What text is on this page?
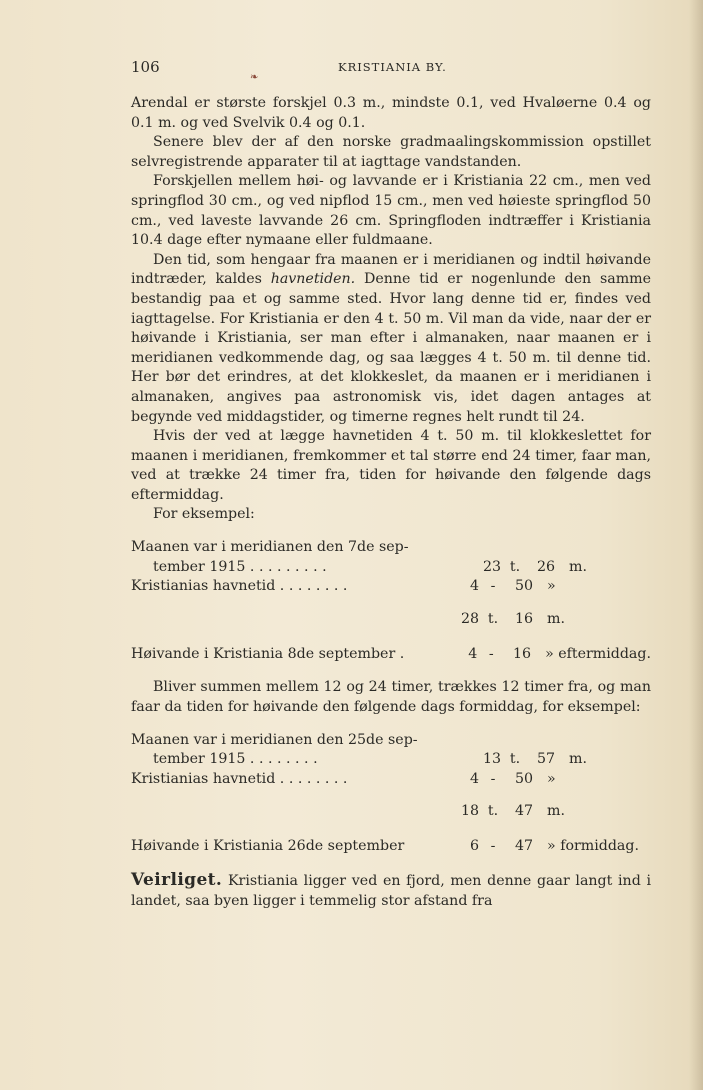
106	KRISTIANIA BY.
❧

Arendal er største forskjel 0.3 m., mindste 0.1, ved Hvaløerne 0.4 og 0.1 m. og ved Svelvik 0.4 og 0.1.

Senere blev der af den norske gradmaalingskommission opstillet selvregistrende apparater til at iagttage vandstanden.

Forskjellen mellem høi- og lavvande er i Kristiania 22 cm., men ved springflod 30 cm., og ved nipflod 15 cm., men ved høieste springflod 50 cm., ved laveste lavvande 26 cm. Springfloden indtræffer i Kristiania 10.4 dage efter nymaane eller fuldmaane.

Den tid, som hengaar fra maanen er i meridianen og indtil høivande indtræder, kaldes havnetiden. Denne tid er nogenlunde den samme bestandig paa et og samme sted. Hvor lang denne tid er, findes ved iagttagelse. For Kristiania er den 4 t. 50 m. Vil man da vide, naar der er høivande i Kristiania, ser man efter i almanaken, naar maanen er i meridianen vedkommende dag, og saa lægges 4 t. 50 m. til denne tid. Her bør det erindres, at det klokkeslet, da maanen er i meridianen i almanaken, angives paa astronomisk vis, idet dagen antages at begynde ved middagstider, og timerne regnes helt rundt til 24.

Hvis der ved at lægge havnetiden 4 t. 50 m. til klokkeslettet for maanen i meridianen, fremkommer et tal større end 24 timer, faar man, ved at trække 24 timer fra, tiden for høivande den følgende dags eftermiddag.

For eksempel:

Maanen var i meridianen den 7de sep-
tember 1915 . . . . . . . . .	23 t.	26 m.
Kristianias havnetid . . . . . . . .	4 -	50 »
28 t.	16 m.
Høivande i Kristiania 8de september .	4 -	16 » eftermiddag.

Bliver summen mellem 12 og 24 timer, trækkes 12 timer fra, og man faar da tiden for høivande den følgende dags formiddag, for eksempel:

Maanen var i meridianen den 25de sep-
tember 1915 . . . . . . . .	13 t.	57 m.
Kristianias havnetid . . . . . . . .	4 -	50 »
18 t.	47 m.
Høivande i Kristiania 26de september	6 -	47 » formiddag.

Veirliget. Kristiania ligger ved en fjord, men denne gaar langt ind i landet, saa byen ligger i temmelig stor afstand fra
